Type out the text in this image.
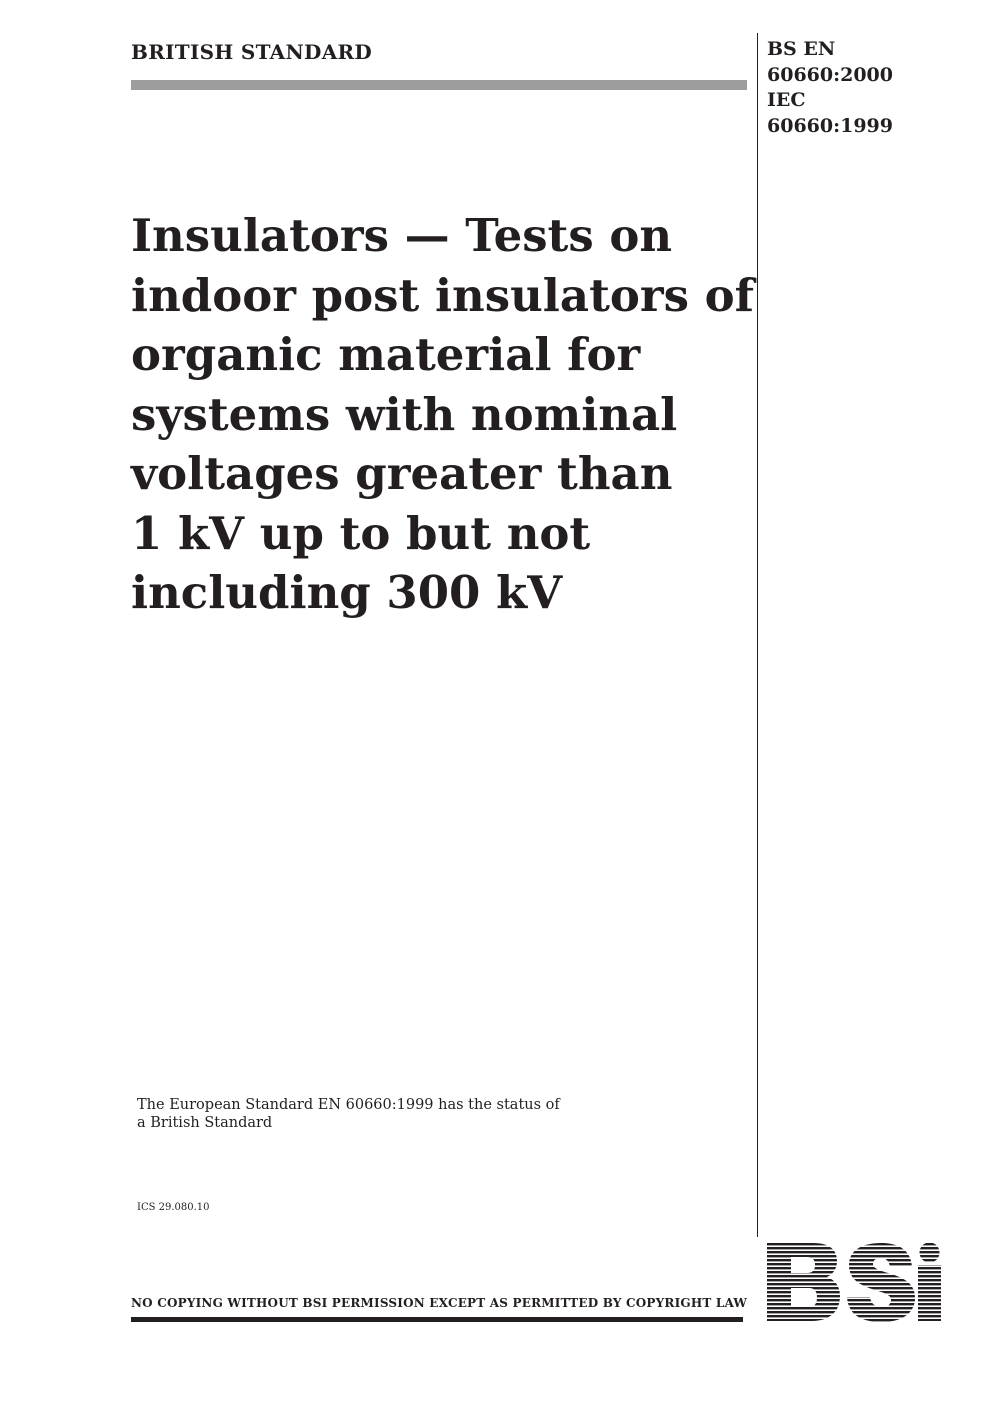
BRITISH STANDARD	BS EN
60660:2000
IEC
60660:1999
Insulators — Tests on
indoor post insulators of
organic material for
systems with nominal
voltages greater than
1 kV up to but not
including 300 kV
The European Standard EN 60660:1999 has the status of a British Standard
ICS 29.080.10
NO COPYING WITHOUT BSI PERMISSION EXCEPT AS PERMITTED BY COPYRIGHT LAW
